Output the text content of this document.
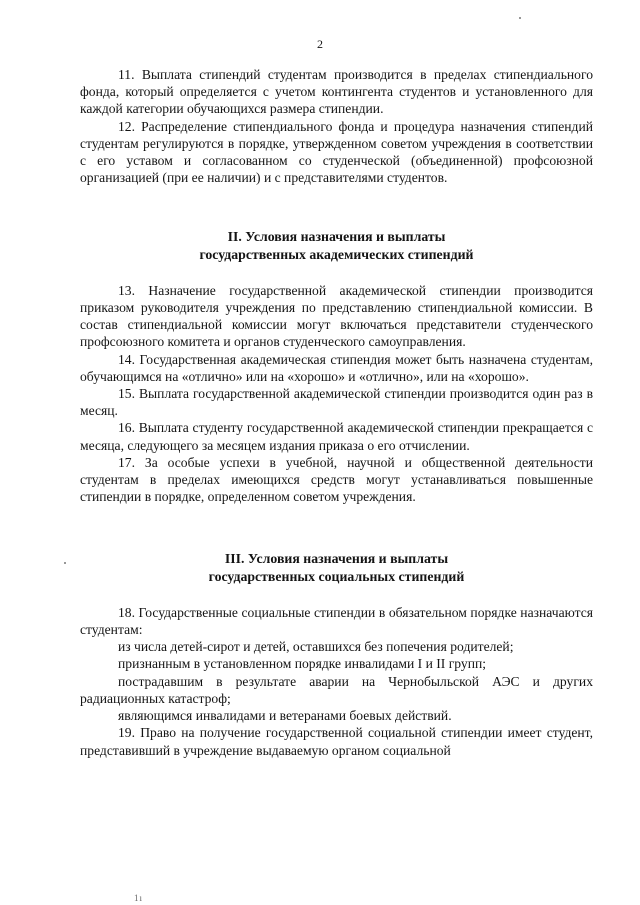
2

11. Выплата стипендий студентам производится в пределах стипендиального фонда, который определяется с учетом контингента студентов и установленного для каждой категории обучающихся размера стипендии.

12. Распределение стипендиального фонда и процедура назначения стипендий студентам регулируются в порядке, утвержденном советом учреждения в соответствии с его уставом и согласованном со студенческой (объединенной) профсоюзной организацией (при ее наличии) и с представителями студентов.

II. Условия назначения и выплаты
государственных академических стипендий

13. Назначение государственной академической стипендии производится приказом руководителя учреждения по представлению стипендиальной комиссии. В состав стипендиальной комиссии могут включаться представители студенческого профсоюзного комитета и органов студенческого самоуправления.

14. Государственная академическая стипендия может быть назначена студентам, обучающимся на «отлично» или на «хорошо» и «отлично», или на «хорошо».

15. Выплата государственной академической стипендии производится один раз в месяц.

16. Выплата студенту государственной академической стипендии прекращается с месяца, следующего за месяцем издания приказа о его отчислении.

17. За особые успехи в учебной, научной и общественной деятельности студентам в пределах имеющихся средств могут устанавливаться повышенные стипендии в порядке, определенном советом учреждения.

III. Условия назначения и выплаты
государственных социальных стипендий

18. Государственные социальные стипендии в обязательном порядке назначаются студентам:

из числа детей-сирот и детей, оставшихся без попечения родителей;

признанным в установленном порядке инвалидами I и II групп;

пострадавшим в результате аварии на Чернобыльской АЭС и других радиационных катастроф;

являющимся инвалидами и ветеранами боевых действий.

19. Право на получение государственной социальной стипендии имеет студент, представивший в учреждение выдаваемую органом социальной

1ı
